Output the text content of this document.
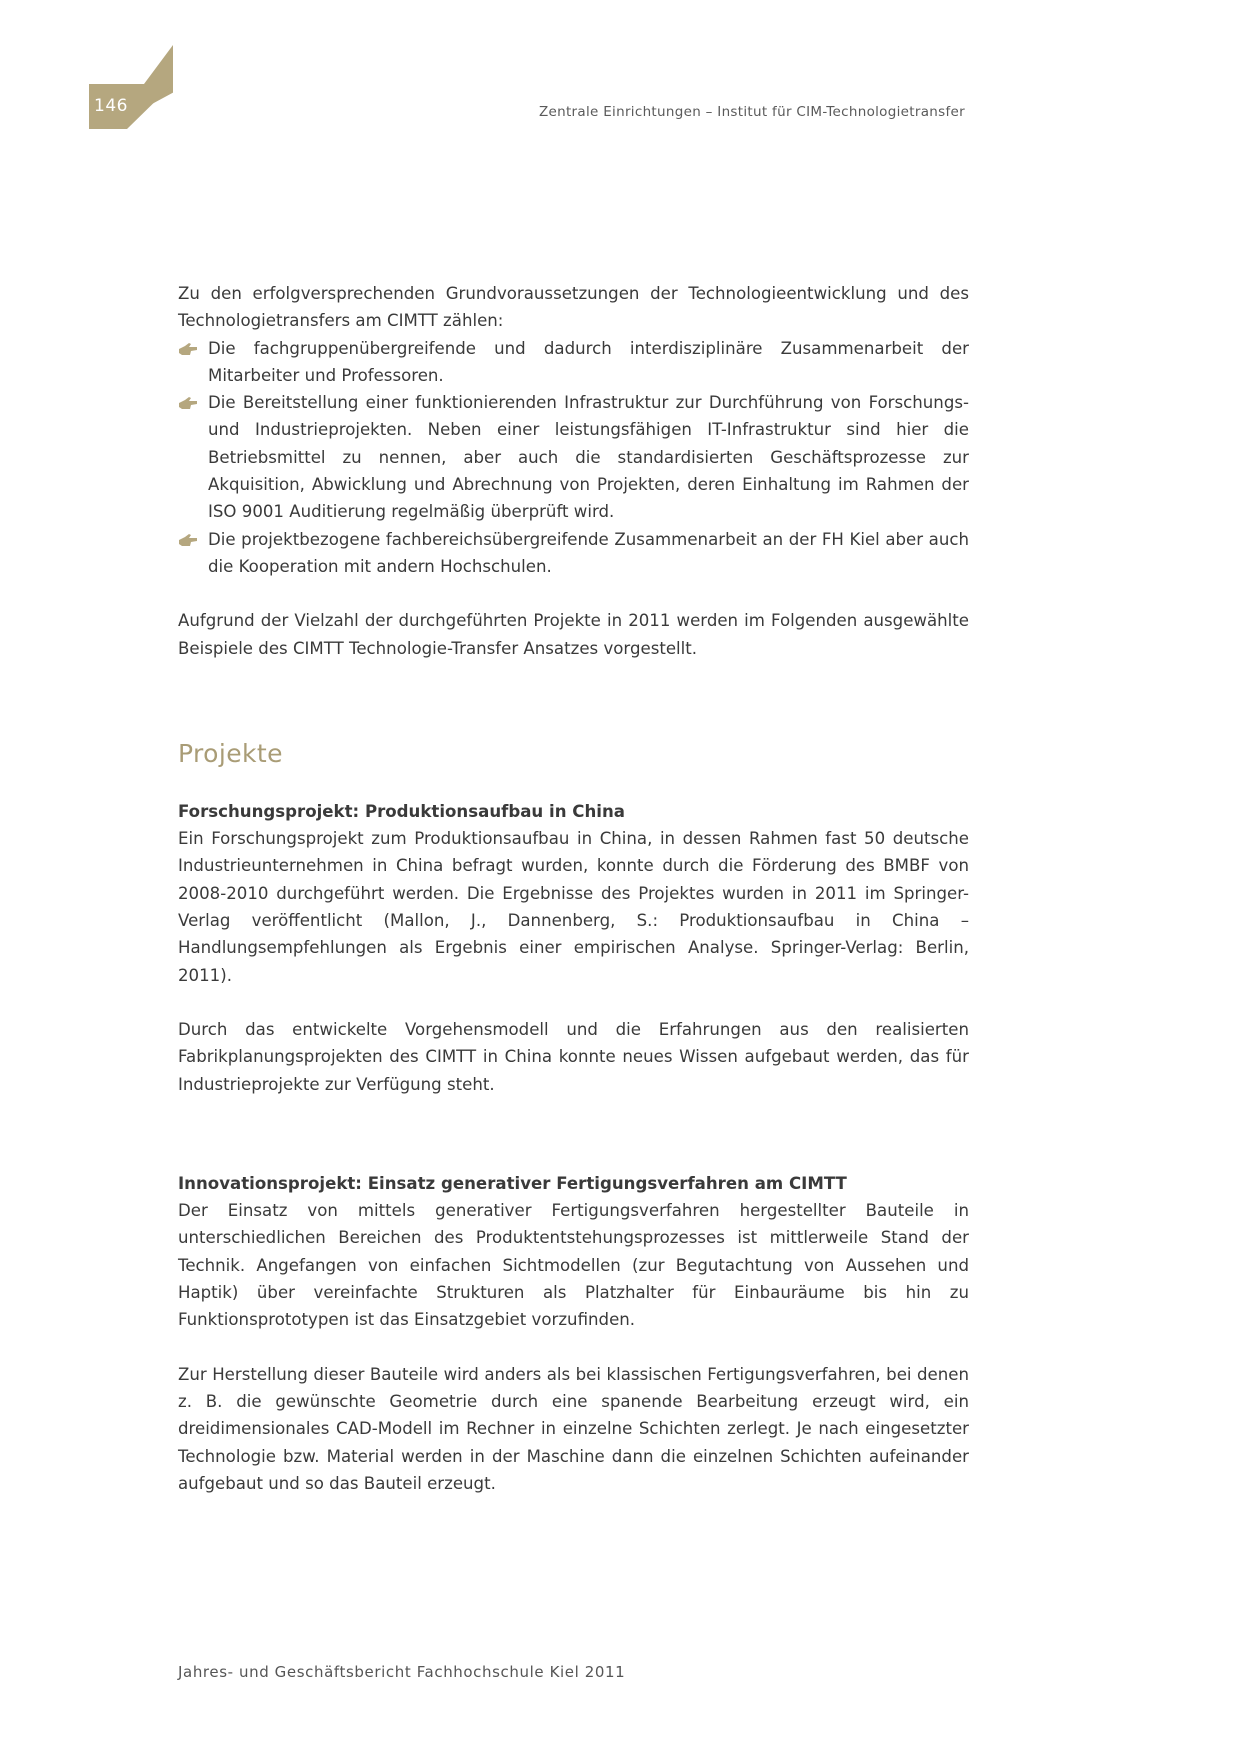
146	Zentrale Einrichtungen – Institut für CIM-Technologietransfer

Zu den erfolgversprechenden Grundvoraussetzungen der Technologieentwicklung und des Technologietransfers am CIMTT zählen:

Die fachgruppenübergreifende und dadurch interdisziplinäre Zusammenarbeit der Mitarbeiter und Professoren.
Die Bereitstellung einer funktionierenden Infrastruktur zur Durchführung von Forschungs- und Industrieprojekten. Neben einer leistungsfähigen IT-Infrastruktur sind hier die Betriebsmittel zu nennen, aber auch die standardisierten Geschäftsprozesse zur Akquisition, Abwicklung und Abrechnung von Projekten, deren Einhaltung im Rahmen der ISO 9001 Auditierung regelmäßig überprüft wird.
Die projektbezogene fachbereichsübergreifende Zusammenarbeit an der FH Kiel aber auch die Kooperation mit andern Hochschulen.

Aufgrund der Vielzahl der durchgeführten Projekte in 2011 werden im Folgenden ausgewählte Beispiele des CIMTT Technologie-Transfer Ansatzes vorgestellt.

Projekte
Forschungsprojekt: Produktionsaufbau in China

Ein Forschungsprojekt zum Produktionsaufbau in China, in dessen Rahmen fast 50 deutsche Industrieunternehmen in China befragt wurden, konnte durch die Förderung des BMBF von 2008-2010 durchgeführt werden. Die Ergebnisse des Projektes wurden in 2011 im Springer-Verlag veröffentlicht (Mallon, J., Dannenberg, S.: Produktionsaufbau in China – Handlungsempfehlungen als Ergebnis einer empirischen Analyse. Springer-Verlag: Berlin, 2011).

Durch das entwickelte Vorgehensmodell und die Erfahrungen aus den realisierten Fabrikplanungsprojekten des CIMTT in China konnte neues Wissen aufgebaut werden, das für Industrieprojekte zur Verfügung steht.

Innovationsprojekt: Einsatz generativer Fertigungsverfahren am CIMTT

Der Einsatz von mittels generativer Fertigungsverfahren hergestellter Bauteile in unterschiedlichen Bereichen des Produktentstehungsprozesses ist mittlerweile Stand der Technik. Angefangen von einfachen Sichtmodellen (zur Begutachtung von Aussehen und Haptik) über vereinfachte Strukturen als Platzhalter für Einbauräume bis hin zu Funktionsprototypen ist das Einsatzgebiet vorzufinden.

Zur Herstellung dieser Bauteile wird anders als bei klassischen Fertigungsverfahren, bei denen z. B. die gewünschte Geometrie durch eine spanende Bearbeitung erzeugt wird, ein dreidimensionales CAD-Modell im Rechner in einzelne Schichten zerlegt. Je nach eingesetzter Technologie bzw. Material werden in der Maschine dann die einzelnen Schichten aufeinander aufgebaut und so das Bauteil erzeugt.

Jahres- und Geschäftsbericht Fachhochschule Kiel 2011
